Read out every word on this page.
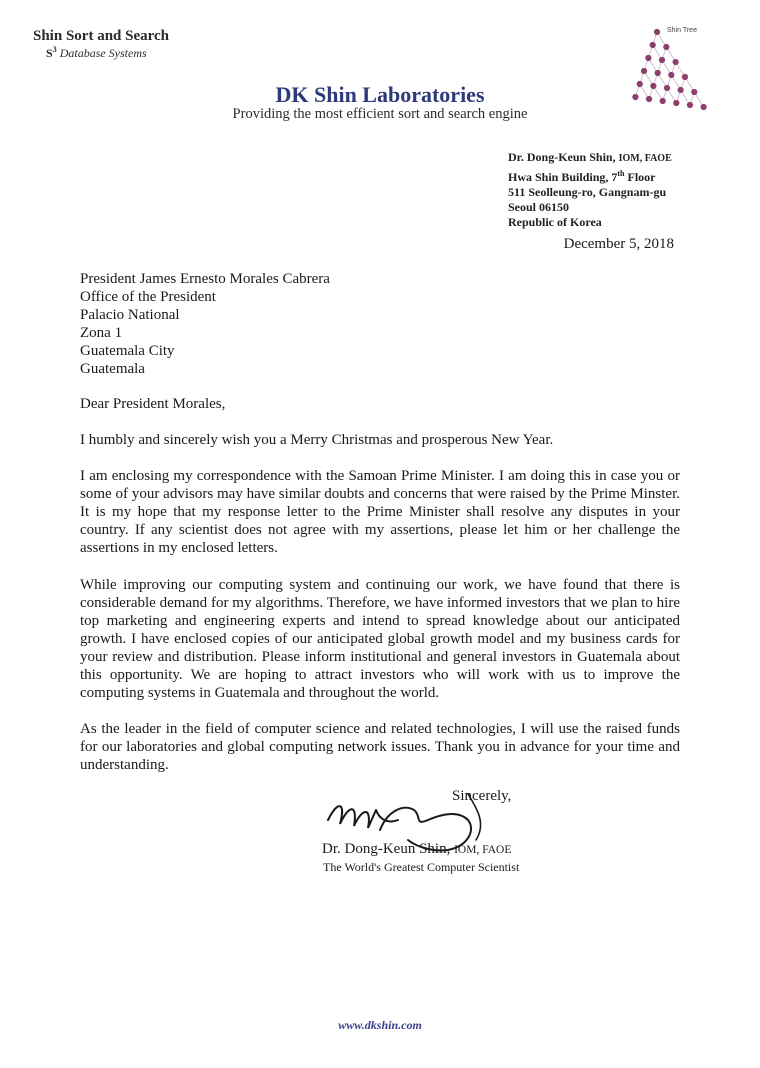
Shin Sort and Search
$S^3$ Database Systems
Shin Tree
DK Shin Laboratories
Providing the most efficient sort and search engine
Dr. Dong-Keun Shin, IOM, FAOE
Hwa Shin Building, 7th Floor
511 Seolleung-ro, Gangnam-gu
Seoul 06150
Republic of Korea
December 5, 2018
President James Ernesto Morales Cabrera
Office of the President
Palacio National
Zona 1
Guatemala City
Guatemala
Dear President Morales,
I humbly and sincerely wish you a Merry Christmas and prosperous New Year.
I am enclosing my correspondence with the Samoan Prime Minister. I am doing this in case you or some of your advisors may have similar doubts and concerns that were raised by the Prime Minster. It is my hope that my response letter to the Prime Minister shall resolve any disputes in your country. If any scientist does not agree with my assertions, please let him or her challenge the assertions in my enclosed letters.
While improving our computing system and continuing our work, we have found that there is considerable demand for my algorithms. Therefore, we have informed investors that we plan to hire top marketing and engineering experts and intend to spread knowledge about our anticipated growth. I have enclosed copies of our anticipated global growth model and my business cards for your review and distribution. Please inform institutional and general investors in Guatemala about this opportunity. We are hoping to attract investors who will work with us to improve the computing systems in Guatemala and throughout the world.
As the leader in the field of computer science and related technologies, I will use the raised funds for our laboratories and global computing network issues. Thank you in advance for your time and understanding.
Sincerely,
Dr. Dong-Keun Shin, IOM, FAOE
The World's Greatest Computer Scientist
www.dkshin.com
